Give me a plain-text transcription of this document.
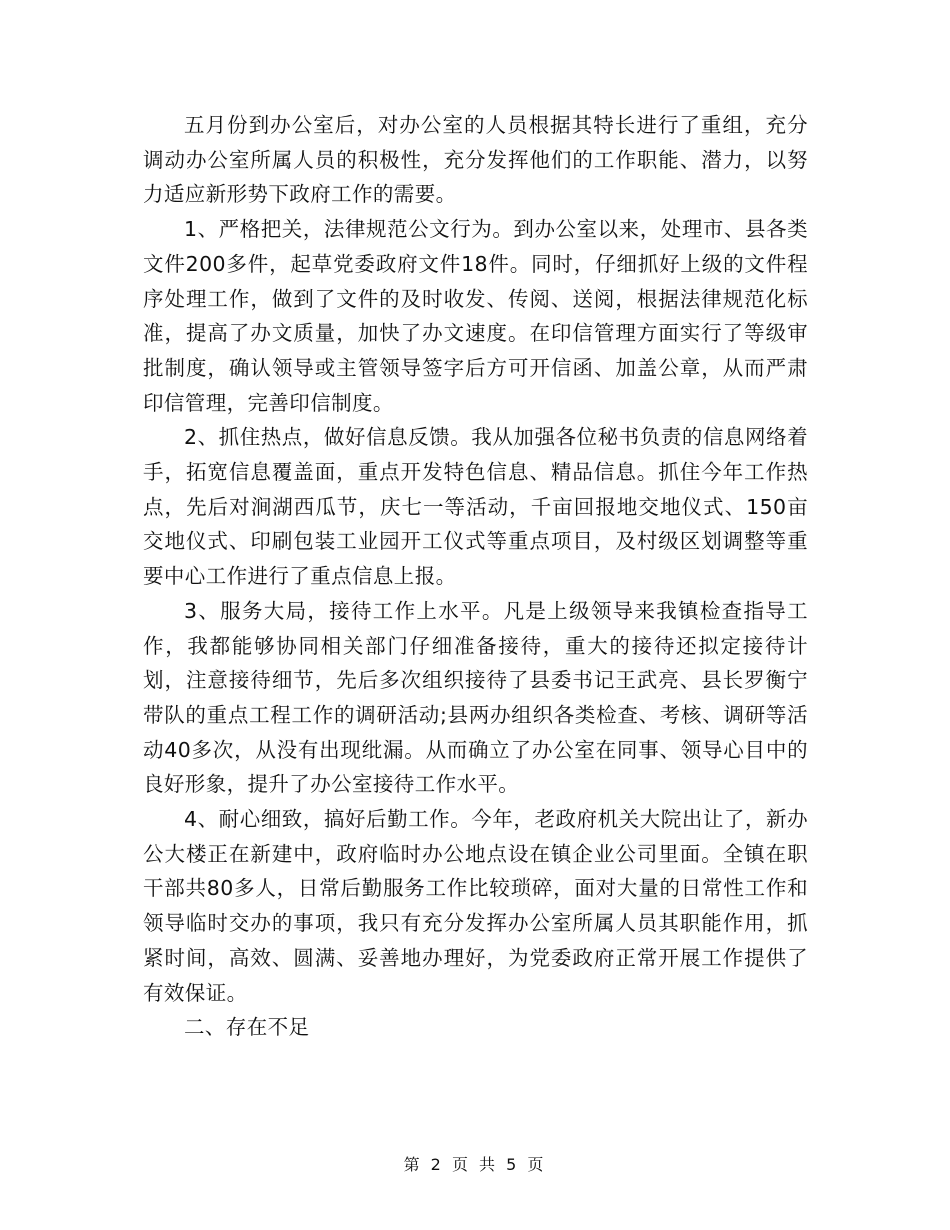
五月份到办公室后，对办公室的人员根据其特长进行了重组，充分调动办公室所属人员的积极性，充分发挥他们的工作职能、潜力，以努力适应新形势下政府工作的需要。

1、严格把关，法律规范公文行为。到办公室以来，处理市、县各类文件200多件，起草党委政府文件18件。同时，仔细抓好上级的文件程序处理工作，做到了文件的及时收发、传阅、送阅，根据法律规范化标准，提高了办文质量，加快了办文速度。在印信管理方面实行了等级审批制度，确认领导或主管领导签字后方可开信函、加盖公章，从而严肃印信管理，完善印信制度。

2、抓住热点，做好信息反馈。我从加强各位秘书负责的信息网络着手，拓宽信息覆盖面，重点开发特色信息、精品信息。抓住今年工作热点，先后对涧湖西瓜节，庆七一等活动，千亩回报地交地仪式、150亩交地仪式、印刷包装工业园开工仪式等重点项目，及村级区划调整等重要中心工作进行了重点信息上报。

3、服务大局，接待工作上水平。凡是上级领导来我镇检查指导工作，我都能够协同相关部门仔细准备接待，重大的接待还拟定接待计划，注意接待细节，先后多次组织接待了县委书记王武亮、县长罗衡宁带队的重点工程工作的调研活动;县两办组织各类检查、考核、调研等活动40多次，从没有出现纰漏。从而确立了办公室在同事、领导心目中的良好形象，提升了办公室接待工作水平。

4、耐心细致，搞好后勤工作。今年，老政府机关大院出让了，新办公大楼正在新建中，政府临时办公地点设在镇企业公司里面。全镇在职干部共80多人，日常后勤服务工作比较琐碎，面对大量的日常性工作和领导临时交办的事项，我只有充分发挥办公室所属人员其职能作用，抓紧时间，高效、圆满、妥善地办理好，为党委政府正常开展工作提供了有效保证。

二、存在不足

第 2 页 共 5 页
